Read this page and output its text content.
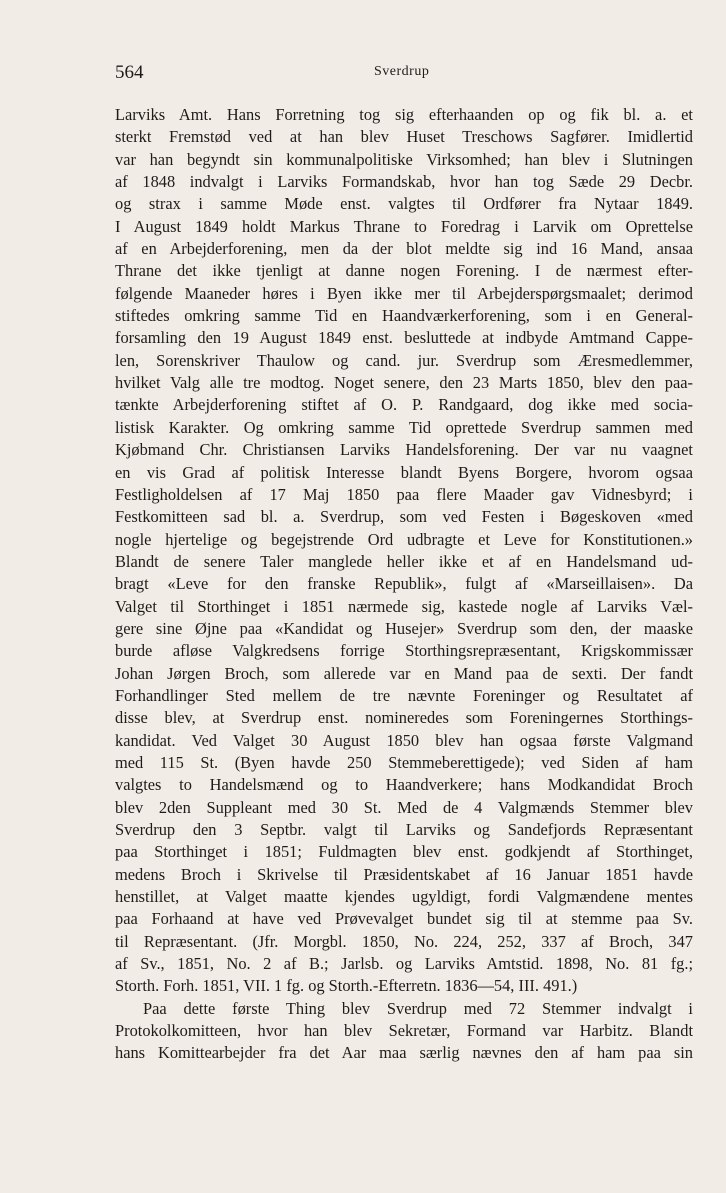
564	Sverdrup
Larviks Amt. Hans Forretning tog sig efterhaanden op og fik bl. a. et
sterkt Fremstød ved at han blev Huset Treschows Sagfører. Imidlertid
var han begyndt sin kommunalpolitiske Virksomhed; han blev i Slutningen
af 1848 indvalgt i Larviks Formandskab, hvor han tog Sæde 29 Decbr.
og strax i samme Møde enst. valgtes til Ordfører fra Nytaar 1849.
I August 1849 holdt Markus Thrane to Foredrag i Larvik om Oprettelse
af en Arbejderforening, men da der blot meldte sig ind 16 Mand, ansaa
Thrane det ikke tjenligt at danne nogen Forening. I de nærmest efter-
følgende Maaneder høres i Byen ikke mer til Arbejderspørgsmaalet; derimod
stiftedes omkring samme Tid en Haandværkerforening, som i en General-
forsamling den 19 August 1849 enst. besluttede at indbyde Amtmand Cappe-
len, Sorenskriver Thaulow og cand. jur. Sverdrup som Æresmedlemmer,
hvilket Valg alle tre modtog. Noget senere, den 23 Marts 1850, blev den paa-
tænkte Arbejderforening stiftet af O. P. Randgaard, dog ikke med socia-
listisk Karakter. Og omkring samme Tid oprettede Sverdrup sammen med
Kjøbmand Chr. Christiansen Larviks Handelsforening. Der var nu vaagnet
en vis Grad af politisk Interesse blandt Byens Borgere, hvorom ogsaa
Festligholdelsen af 17 Maj 1850 paa flere Maader gav Vidnesbyrd; i
Festkomitteen sad bl. a. Sverdrup, som ved Festen i Bøgeskoven «med
nogle hjertelige og begejstrende Ord udbragte et Leve for Konstitutionen.»
Blandt de senere Taler manglede heller ikke et af en Handelsmand ud-
bragt «Leve for den franske Republik», fulgt af «Marseillaisen». Da
Valget til Storthinget i 1851 nærmede sig, kastede nogle af Larviks Væl-
gere sine Øjne paa «Kandidat og Husejer» Sverdrup som den, der maaske
burde afløse Valgkredsens forrige Storthingsrepræsentant, Krigskommissær
Johan Jørgen Broch, som allerede var en Mand paa de sexti. Der fandt
Forhandlinger Sted mellem de tre nævnte Foreninger og Resultatet af
disse blev, at Sverdrup enst. nomineredes som Foreningernes Storthings-
kandidat. Ved Valget 30 August 1850 blev han ogsaa første Valgmand
med 115 St. (Byen havde 250 Stemmeberettigede); ved Siden af ham
valgtes to Handelsmænd og to Haandverkere; hans Modkandidat Broch
blev 2den Suppleant med 30 St. Med de 4 Valgmænds Stemmer blev
Sverdrup den 3 Septbr. valgt til Larviks og Sandefjords Repræsentant
paa Storthinget i 1851; Fuldmagten blev enst. godkjendt af Storthinget,
medens Broch i Skrivelse til Præsidentskabet af 16 Januar 1851 havde
henstillet, at Valget maatte kjendes ugyldigt, fordi Valgmændene mentes
paa Forhaand at have ved Prøvevalget bundet sig til at stemme paa Sv.
til Repræsentant. (Jfr. Morgbl. 1850, No. 224, 252, 337 af Broch, 347
af Sv., 1851, No. 2 af B.; Jarlsb. og Larviks Amtstid. 1898, No. 81 fg.;
Storth. Forh. 1851, VII. 1 fg. og Storth.-Efterretn. 1836—54, III. 491.)
Paa dette første Thing blev Sverdrup med 72 Stemmer indvalgt i
Protokolkomitteen, hvor han blev Sekretær, Formand var Harbitz. Blandt
hans Komittearbejder fra det Aar maa særlig nævnes den af ham paa sin
